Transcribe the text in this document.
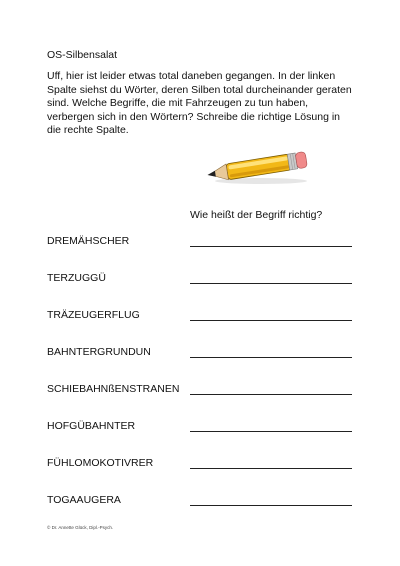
OS-Silbensalat

Uff, hier ist leider etwas total daneben gegangen. In der linken Spalte siehst du Wörter, deren Silben total durcheinander geraten sind. Welche Begriffe, die mit Fahrzeugen zu tun haben, verbergen sich in den Wörtern? Schreibe die richtige Lösung in die rechte Spalte.

Wie heißt der Begriff richtig?
DREMÄHSCHER
TERZUGGÜ
TRÄZEUGERFLUG
BAHNTERGRUNDUN
SCHIEBAHNßENSTRANEN
HOFGÜBAHNTER
FÜHLOMOKOTIVRER
TOGAAUGERA
© Dr. Annette Glück, Dipl.-Psych.
